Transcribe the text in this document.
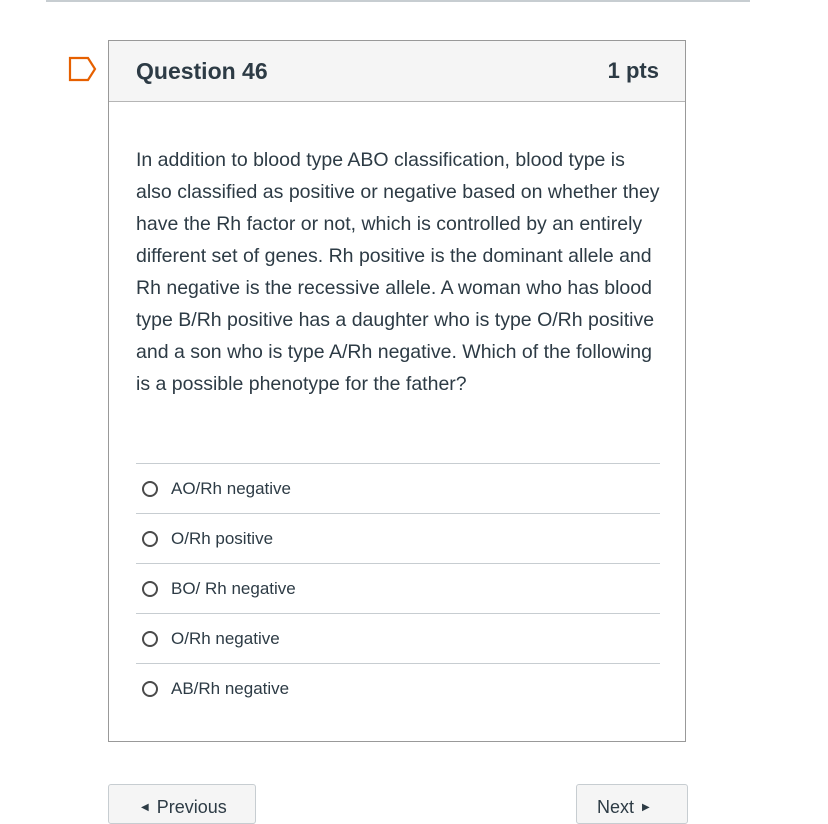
Question 46	1 pts

In addition to blood type ABO classification, blood type is also classified as positive or negative based on whether they have the Rh factor or not, which is controlled by an entirely different set of genes. Rh positive is the dominant allele and Rh negative is the recessive allele. A woman who has blood type B/Rh positive has a daughter who is type O/Rh positive and a son who is type A/Rh negative. Which of the following is a possible phenotype for the father?

AO/Rh negative
O/Rh positive
BO/ Rh negative
O/Rh negative
AB/Rh negative
◀ Previous	Next ▶
